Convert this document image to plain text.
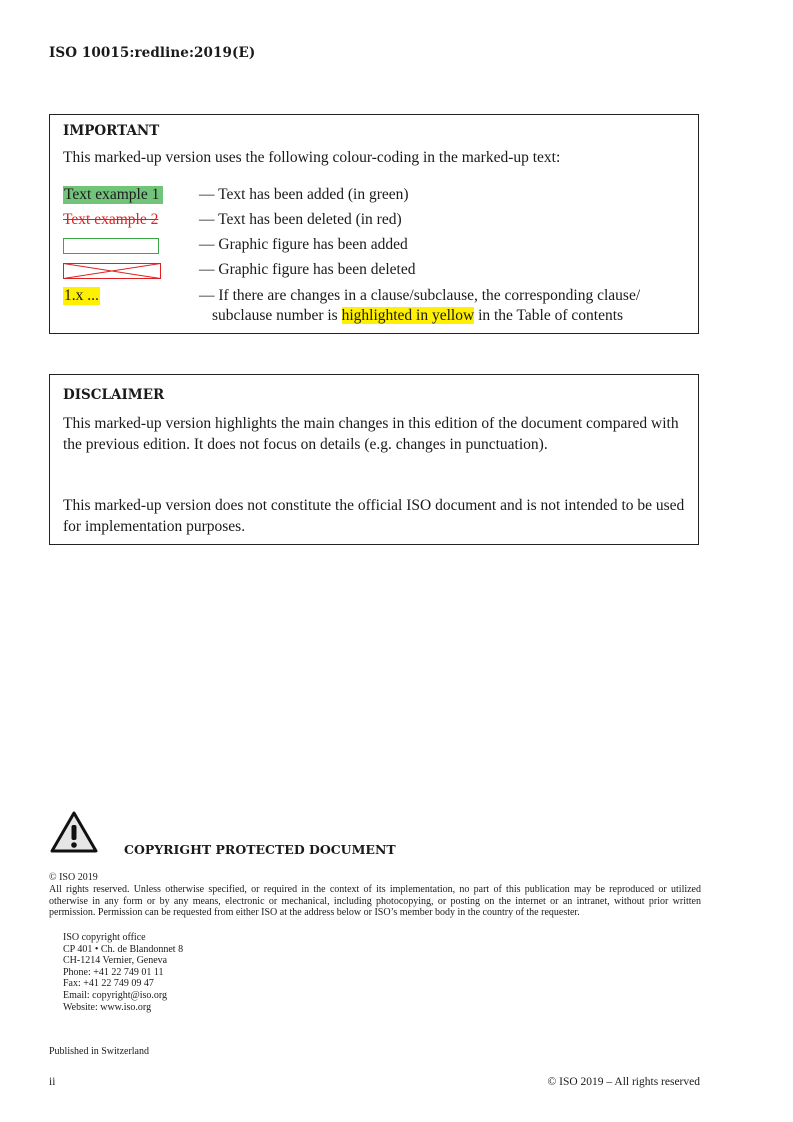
ISO 10015:redline:2019(E)
IMPORTANT
This marked-up version uses the following colour-coding in the marked-up text:
Text example 1	— Text has been added (in green)
Text example 2	— Text has been deleted (in red)
— Graphic figure has been added
— Graphic figure has been deleted
1.x ...	— If there are changes in a clause/subclause, the corresponding clause/
subclause number is highlighted in yellow in the Table of contents
DISCLAIMER
This marked-up version highlights the main changes in this edition of the document compared with the previous edition. It does not focus on details (e.g. changes in punctuation).
This marked-up version does not constitute the official ISO document and is not intended to be used for implementation purposes.
COPYRIGHT PROTECTED DOCUMENT
© ISO 2019
All rights reserved. Unless otherwise specified, or required in the context of its implementation, no part of this publication may be reproduced or utilized otherwise in any form or by any means, electronic or mechanical, including photocopying, or posting on the internet or an intranet, without prior written permission. Permission can be requested from either ISO at the address below or ISO’s member body in the country of the requester.
ISO copyright office
CP 401 • Ch. de Blandonnet 8
CH-1214 Vernier, Geneva
Phone: +41 22 749 01 11
Fax: +41 22 749 09 47
Email: copyright@iso.org
Website: www.iso.org
Published in Switzerland
ii	© ISO 2019 – All rights reserved
